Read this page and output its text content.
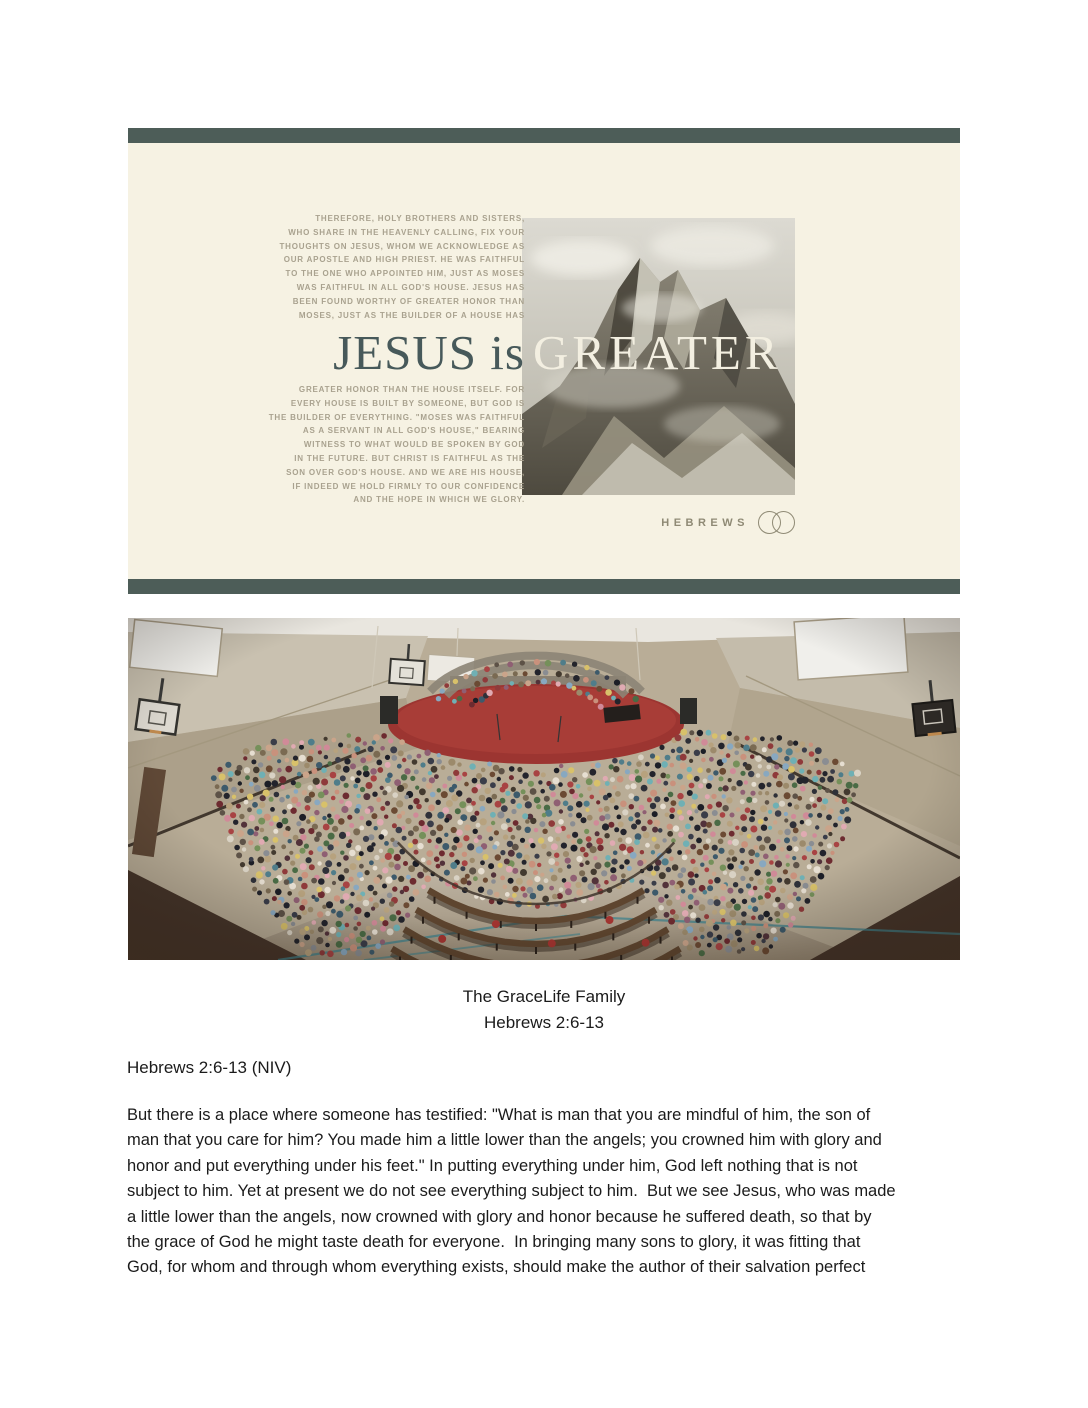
THEREFORE, HOLY BROTHERS AND SISTERS,
WHO SHARE IN THE HEAVENLY CALLING, FIX YOUR
THOUGHTS ON JESUS, WHOM WE ACKNOWLEDGE AS
OUR APOSTLE AND HIGH PRIEST. HE WAS FAITHFUL
TO THE ONE WHO APPOINTED HIM, JUST AS MOSES
WAS FAITHFUL IN ALL GOD'S HOUSE. JESUS HAS
BEEN FOUND WORTHY OF GREATER HONOR THAN
MOSES, JUST AS THE BUILDER OF A HOUSE HAS
JESUS is GREATER
GREATER HONOR THAN THE HOUSE ITSELF. FOR
EVERY HOUSE IS BUILT BY SOMEONE, BUT GOD IS
THE BUILDER OF EVERYTHING. "MOSES WAS FAITHFUL
AS A SERVANT IN ALL GOD'S HOUSE," BEARING
WITNESS TO WHAT WOULD BE SPOKEN BY GOD
IN THE FUTURE. BUT CHRIST IS FAITHFUL AS THE
SON OVER GOD'S HOUSE. AND WE ARE HIS HOUSE,
IF INDEED WE HOLD FIRMLY TO OUR CONFIDENCE
AND THE HOPE IN WHICH WE GLORY.
HEBREWS
The GraceLife Family
Hebrews 2:6-13
Hebrews 2:6-13 (NIV)
But there is a place where someone has testified: "What is man that you are mindful of him, the son of
man that you care for him? You made him a little lower than the angels; you crowned him with glory and
honor and put everything under his feet." In putting everything under him, God left nothing that is not
subject to him. Yet at present we do not see everything subject to him.  But we see Jesus, who was made
a little lower than the angels, now crowned with glory and honor because he suffered death, so that by
the grace of God he might taste death for everyone.  In bringing many sons to glory, it was fitting that
God, for whom and through whom everything exists, should make the author of their salvation perfect
